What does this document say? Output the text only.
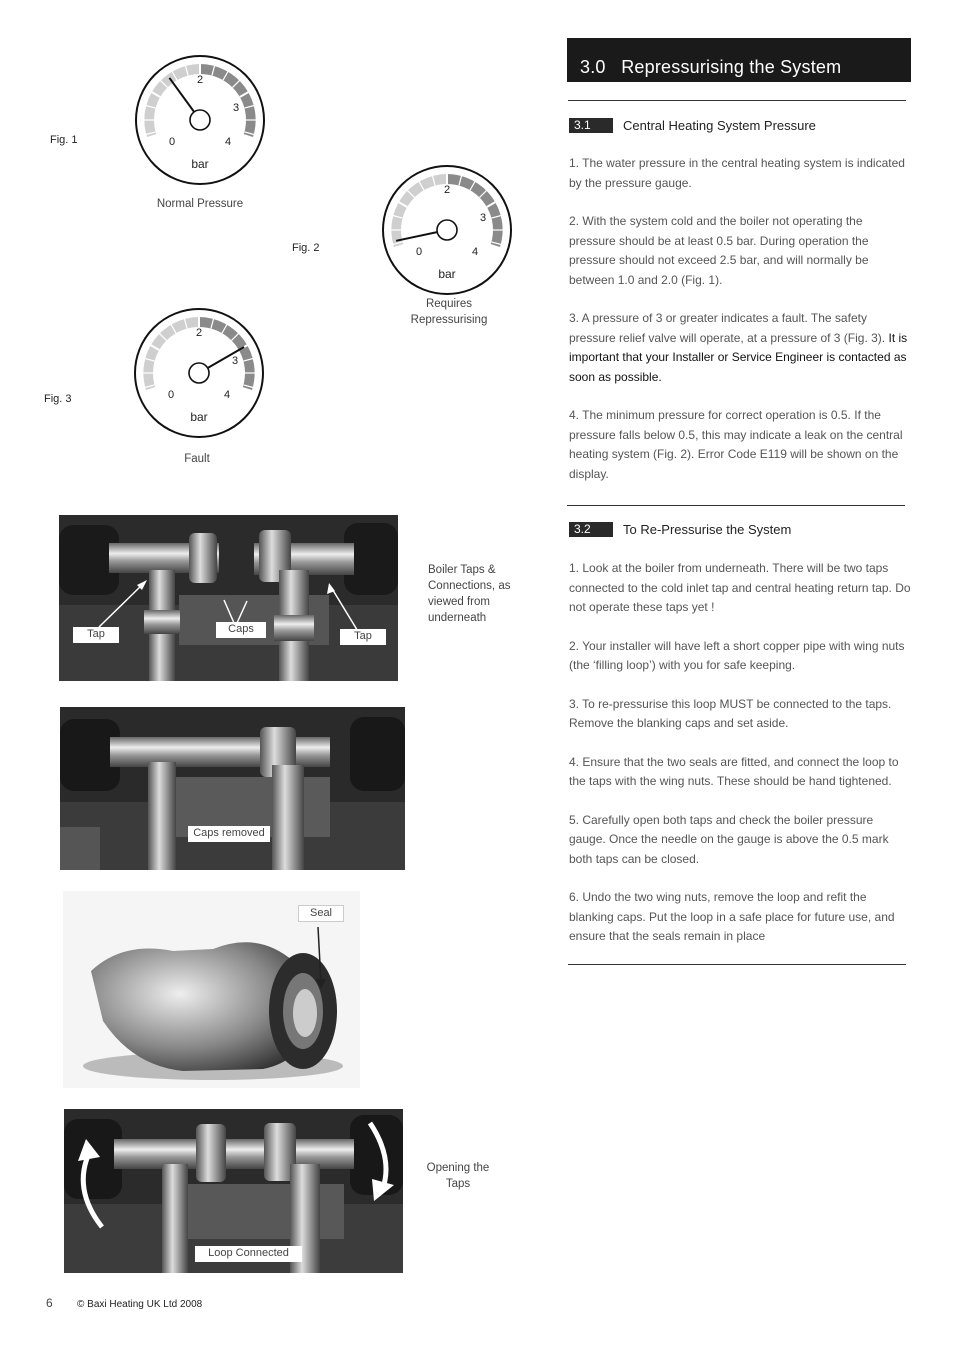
Fig. 1	0
1
2
3
4
bar
Normal Pressure
Fig. 2	0
1
2
3
4
bar
Requires
Repressurising
Fig. 3	0
1
2
3
4
bar
Fault
Tap	Caps
Tap
Boiler Taps &
Connections, as
viewed from
underneath
Caps removed
Seal
Loop Connected
Opening the
Taps
3.0   Repressurising the System
3.1	Central Heating System Pressure
1. The water pressure in the central heating system is indicated by the pressure gauge.
2. With the system cold and the boiler not operating the pressure should be at least 0.5 bar. During operation the pressure should not exceed 2.5 bar, and will normally be between 1.0 and 2.0 (Fig. 1).
3. A pressure of 3 or greater indicates a fault. The safety pressure relief valve will operate, at a pressure of 3 (Fig. 3). It is important that your Installer or Service Engineer is contacted as soon as possible.
4. The minimum pressure for correct operation is 0.5. If the pressure falls below 0.5, this may indicate a leak on the central heating system (Fig. 2). Error Code E119 will be shown on the display.
3.2	To Re-Pressurise the System
1. Look at the boiler from underneath. There will be two taps connected to the cold inlet tap and central heating return tap. Do not operate these taps yet !
2. Your installer will have left a short copper pipe with wing nuts (the ‘filling loop’) with you for safe keeping.
3. To re-pressurise this loop MUST be connected to the taps. Remove the blanking caps and set aside.
4. Ensure that the two seals are fitted, and connect the loop to the taps with the wing nuts. These should be hand tightened.
5. Carefully open both taps and check the boiler pressure gauge. Once the needle on the gauge is above the 0.5 mark both taps can be closed.
6. Undo the two wing nuts, remove the loop and refit the blanking caps. Put the loop in a safe place for future use, and ensure that the seals remain in place
6 © Baxi Heating UK Ltd 2008
